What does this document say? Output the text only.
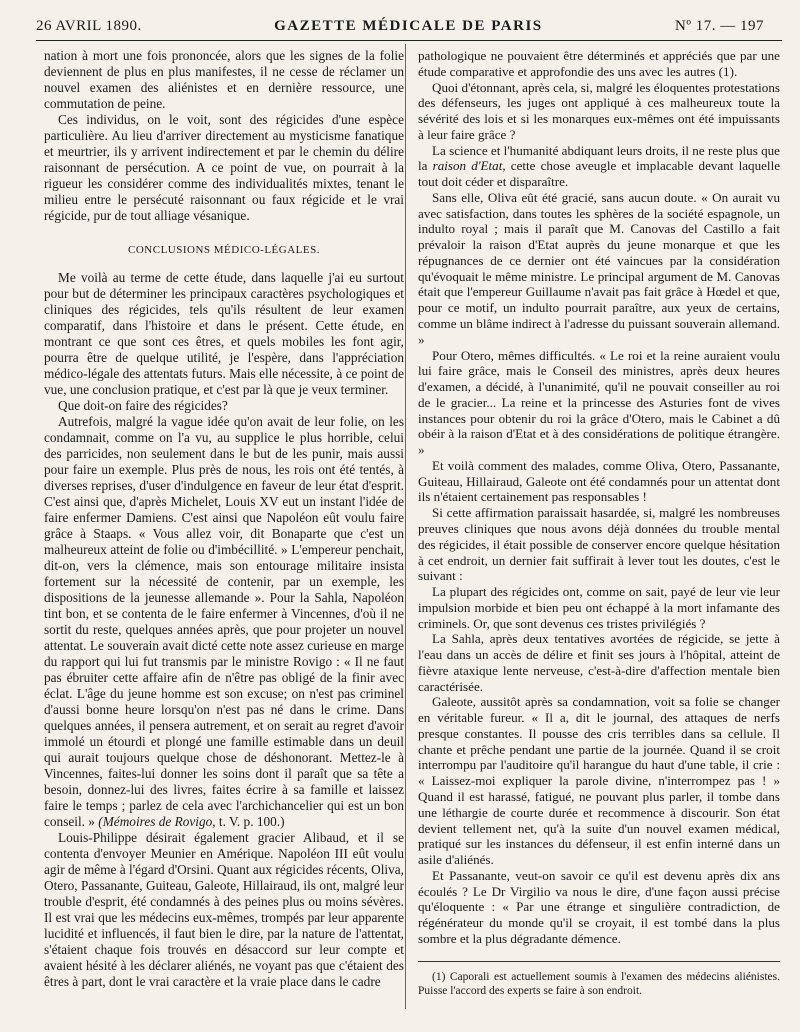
26 AVRIL 1890.	GAZETTE MÉDICALE DE PARIS	Nº 17. — 197

nation à mort une fois prononcée, alors que les signes de la folie deviennent de plus en plus manifestes, il ne cesse de réclamer un nouvel examen des aliénistes et en dernière ressource, une commutation de peine.

Ces individus, on le voit, sont des régicides d'une espèce particulière. Au lieu d'arriver directement au mysticisme fanatique et meurtrier, ils y arrivent indirectement et par le chemin du délire raisonnant de persécution. A ce point de vue, on pourrait à la rigueur les considérer comme des individualités mixtes, tenant le milieu entre le persécuté raisonnant ou faux régicide et le vrai régicide, pur de tout alliage vésanique.

CONCLUSIONS MÉDICO-LÉGALES.

Me voilà au terme de cette étude, dans laquelle j'ai eu surtout pour but de déterminer les principaux caractères psychologiques et cliniques des régicides, tels qu'ils résultent de leur examen comparatif, dans l'histoire et dans le présent. Cette étude, en montrant ce que sont ces êtres, et quels mobiles les font agir, pourra être de quelque utilité, je l'espère, dans l'appréciation médico-légale des attentats futurs. Mais elle nécessite, à ce point de vue, une conclusion pratique, et c'est par là que je veux terminer.

Que doit-on faire des régicides?

Autrefois, malgré la vague idée qu'on avait de leur folie, on les condamnait, comme on l'a vu, au supplice le plus horrible, celui des parricides, non seulement dans le but de les punir, mais aussi pour faire un exemple. Plus près de nous, les rois ont été tentés, à diverses reprises, d'user d'indulgence en faveur de leur état d'esprit. C'est ainsi que, d'après Michelet, Louis XV eut un instant l'idée de faire enfermer Damiens. C'est ainsi que Napoléon eût voulu faire grâce à Staaps. « Vous allez voir, dit Bonaparte que c'est un malheureux atteint de folie ou d'imbécillité. » L'empereur penchait, dit-on, vers la clémence, mais son entourage militaire insista fortement sur la nécessité de contenir, par un exemple, les dispositions de la jeunesse allemande ». Pour la Sahla, Napoléon tint bon, et se contenta de le faire enfermer à Vincennes, d'où il ne sortit du reste, quelques années après, que pour projeter un nouvel attentat. Le souverain avait dicté cette note assez curieuse en marge du rapport qui lui fut transmis par le ministre Rovigo : « Il ne faut pas ébruiter cette affaire afin de n'être pas obligé de la finir avec éclat. L'âge du jeune homme est son excuse; on n'est pas criminel d'aussi bonne heure lorsqu'on n'est pas né dans le crime. Dans quelques années, il pensera autrement, et on serait au regret d'avoir immolé un étourdi et plongé une famille estimable dans un deuil qui aurait toujours quelque chose de déshonorant. Mettez-le à Vincennes, faites-lui donner les soins dont il paraît que sa tête a besoin, donnez-lui des livres, faites écrire à sa famille et laissez faire le temps ; parlez de cela avec l'archichancelier qui est un bon conseil. » (Mémoires de Rovigo, t. V. p. 100.)

Louis-Philippe désirait également gracier Alibaud, et il se contenta d'envoyer Meunier en Amérique. Napoléon III eût voulu agir de même à l'égard d'Orsini. Quant aux régicides récents, Oliva, Otero, Passanante, Guiteau, Galeote, Hillairaud, ils ont, malgré leur trouble d'esprit, été condamnés à des peines plus ou moins sévères. Il est vrai que les médecins eux-mêmes, trompés par leur apparente lucidité et influencés, il faut bien le dire, par la nature de l'attentat, s'étaient chaque fois trouvés en désaccord sur leur compte et avaient hésité à les déclarer aliénés, ne voyant pas que c'étaient des êtres à part, dont le vrai caractère et la vraie place dans le cadre

pathologique ne pouvaient être déterminés et appréciés que par une étude comparative et approfondie des uns avec les autres (1).

Quoi d'étonnant, après cela, si, malgré les éloquentes protestations des défenseurs, les juges ont appliqué à ces malheureux toute la sévérité des lois et si les monarques eux-mêmes ont été impuissants à leur faire grâce ?

La science et l'humanité abdiquant leurs droits, il ne reste plus que la raison d'Etat, cette chose aveugle et implacable devant laquelle tout doit céder et disparaître.

Sans elle, Oliva eût été gracié, sans aucun doute. « On aurait vu avec satisfaction, dans toutes les sphères de la société espagnole, un indulto royal ; mais il paraît que M. Canovas del Castillo a fait prévaloir la raison d'Etat auprès du jeune monarque et que les répugnances de ce dernier ont été vaincues par la considération qu'évoquait le même ministre. Le principal argument de M. Canovas était que l'empereur Guillaume n'avait pas fait grâce à Hœdel et que, pour ce motif, un indulto pourrait paraître, aux yeux de certains, comme un blâme indirect à l'adresse du puissant souverain allemand. »

Pour Otero, mêmes difficultés. « Le roi et la reine auraient voulu lui faire grâce, mais le Conseil des ministres, après deux heures d'examen, a décidé, à l'unanimité, qu'il ne pouvait conseiller au roi de le gracier... La reine et la princesse des Asturies font de vives instances pour obtenir du roi la grâce d'Otero, mais le Cabinet a dû obéir à la raison d'Etat et à des considérations de politique étrangère. »

Et voilà comment des malades, comme Oliva, Otero, Passanante, Guiteau, Hillairaud, Galeote ont été condamnés pour un attentat dont ils n'étaient certainement pas responsables !

Si cette affirmation paraissait hasardée, si, malgré les nombreuses preuves cliniques que nous avons déjà données du trouble mental des régicides, il était possible de conserver encore quelque hésitation à cet endroit, un dernier fait suffirait à lever tout les doutes, c'est le suivant :

La plupart des régicides ont, comme on sait, payé de leur vie leur impulsion morbide et bien peu ont échappé à la mort infamante des criminels. Or, que sont devenus ces tristes privilégiés ?

La Sahla, après deux tentatives avortées de régicide, se jette à l'eau dans un accès de délire et finit ses jours à l'hôpital, atteint de fièvre ataxique lente nerveuse, c'est-à-dire d'affection mentale bien caractérisée.

Galeote, aussitôt après sa condamnation, voit sa folie se changer en véritable fureur. « Il a, dit le journal, des attaques de nerfs presque constantes. Il pousse des cris terribles dans sa cellule. Il chante et prêche pendant une partie de la journée. Quand il se croit interrompu par l'auditoire qu'il harangue du haut d'une table, il crie : « Laissez-moi expliquer la parole divine, n'interrompez pas ! » Quand il est harassé, fatigué, ne pouvant plus parler, il tombe dans une léthargie de courte durée et recommence à discourir. Son état devient tellement net, qu'à la suite d'un nouvel examen médical, pratiqué sur les instances du défenseur, il est enfin interné dans un asile d'aliénés.

Et Passanante, veut-on savoir ce qu'il est devenu après dix ans écoulés ? Le Dr Virgilio va nous le dire, d'une façon aussi précise qu'éloquente : « Par une étrange et singulière contradiction, de régénérateur du monde qu'il se croyait, il est tombé dans la plus sombre et la plus dégradante démence.

(1) Caporali est actuellement soumis à l'examen des médecins aliénistes. Puisse l'accord des experts se faire à son endroit.
